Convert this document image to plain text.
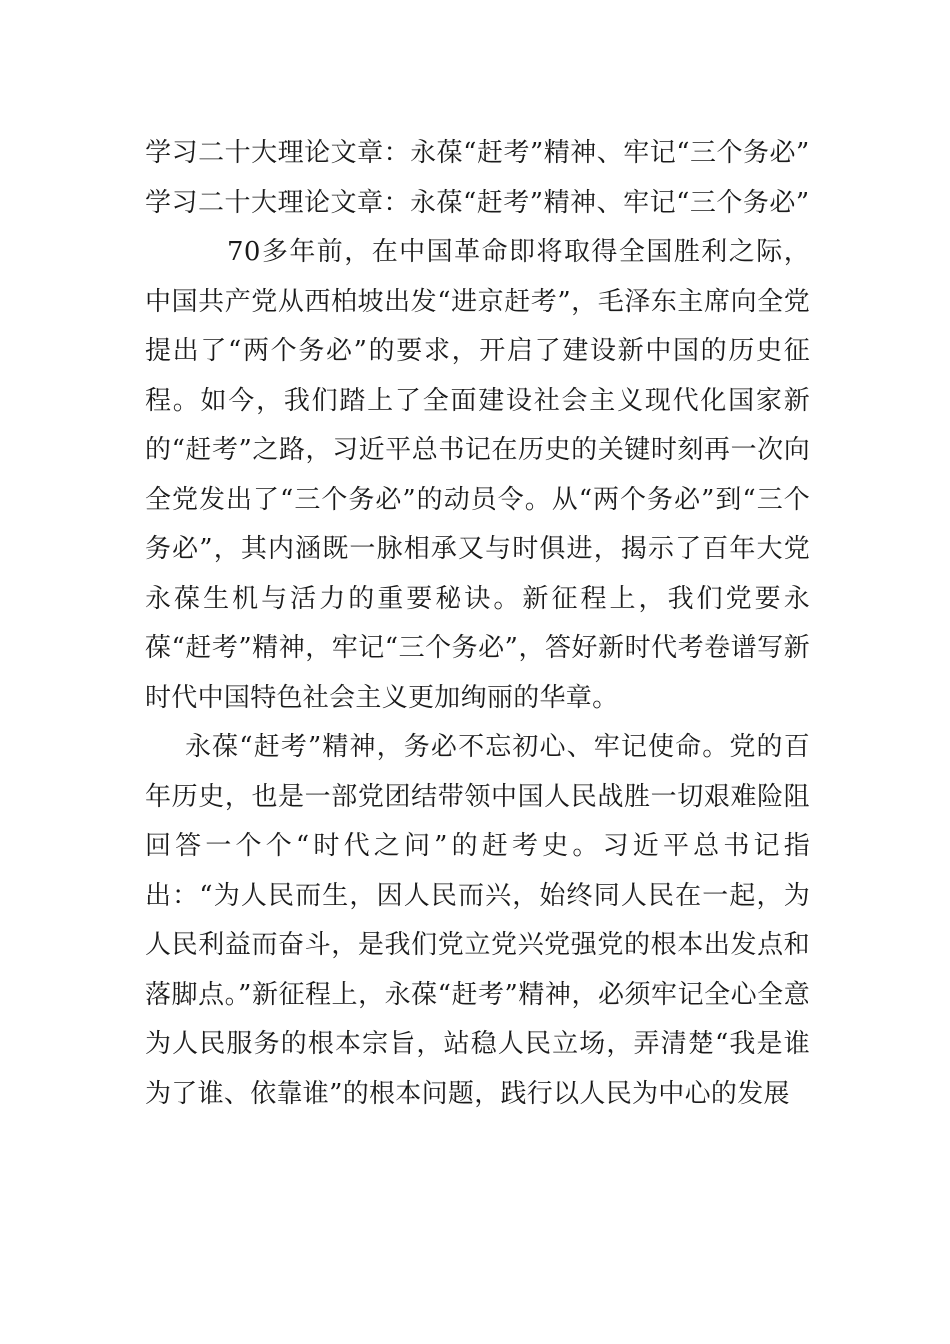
学习二十大理论文章：永葆“赶考”精神、牢记“三个务必”
学习二十大理论文章：永葆“赶考”精神、牢记“三个务必”

70多年前，在中国革命即将取得全国胜利之际，中国共产党从西柏坡出发“进京赶考”，毛泽东主席向全党提出了“两个务必”的要求，开启了建设新中国的历史征程。如今，我们踏上了全面建设社会主义现代化国家新的“赶考”之路，习近平总书记在历史的关键时刻再一次向全党发出了“三个务必”的动员令。从“两个务必”到“三个务必”，其内涵既一脉相承又与时俱进，揭示了百年大党永葆生机与活力的重要秘诀。新征程上，我们党要永葆“赶考”精神，牢记“三个务必”，答好新时代考卷谱写新时代中国特色社会主义更加绚丽的华章。

永葆“赶考”精神，务必不忘初心、牢记使命。党的百年历史，也是一部党团结带领中国人民战胜一切艰难险阻回答一个个“时代之问”的赶考史。习近平总书记指出：“为人民而生，因人民而兴，始终同人民在一起，为人民利益而奋斗，是我们党立党兴党强党的根本出发点和落脚点。”新征程上，永葆“赶考”精神，必须牢记全心全意为人民服务的根本宗旨，站稳人民立场，弄清楚“我是谁为了谁、依靠谁”的根本问题，践行以人民为中心的发展
